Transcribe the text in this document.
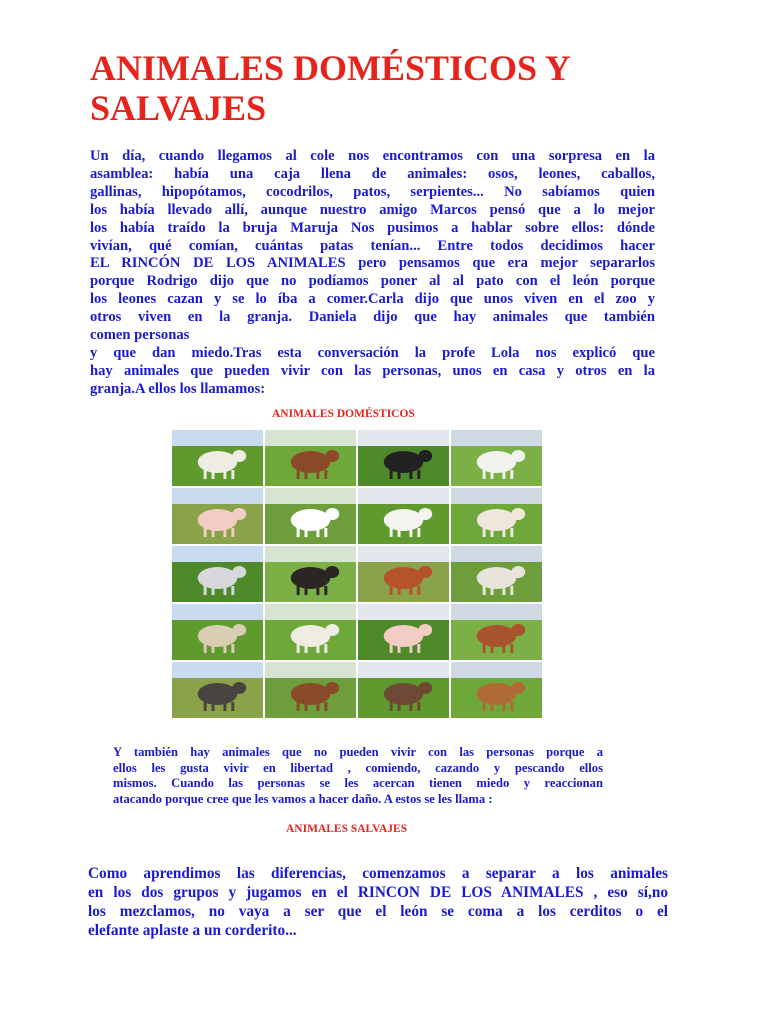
ANIMALES DOMÉSTICOS Y
SALVAJES
Un día, cuando llegamos al cole nos encontramos con una sorpresa en la
asamblea: había una caja llena de animales: osos, leones, caballos,
gallinas, hipopótamos, cocodrilos, patos, serpientes... No sabíamos quien
los había llevado allí, aunque nuestro amigo Marcos pensó que a lo mejor
los había traído la bruja Maruja Nos pusimos a hablar sobre ellos: dónde
vivían, qué comían, cuántas patas tenían... Entre todos decidimos hacer
EL RINCÓN DE LOS ANIMALES pero pensamos que era mejor separarlos
porque Rodrigo dijo que no podíamos poner al al pato con el león porque
los leones cazan y se lo íba a comer.Carla dijo que unos viven en el zoo y
otros viven en la granja. Daniela dijo que hay animales que también
comen personas
y que dan miedo.Tras esta conversación la profe Lola nos explicó que
hay animales que pueden vivir con las personas, unos en casa y otros en la
granja.A ellos los llamamos:

ANIMALES DOMÉSTICOS

Y también hay animales que no pueden vivir con las personas porque a
ellos les gusta vivir en libertad , comiendo, cazando y pescando ellos
mismos. Cuando las personas se les acercan tienen miedo y reaccionan
atacando porque cree que les vamos a hacer daño. A estos se les llama :

ANIMALES SALVAJES

Como aprendimos las diferencias, comenzamos a separar a los animales
en los dos grupos y jugamos en el RINCON DE LOS ANIMALES , eso sí,no
los mezclamos, no vaya a ser que el león se coma a los cerditos o el
elefante aplaste a un corderito...
